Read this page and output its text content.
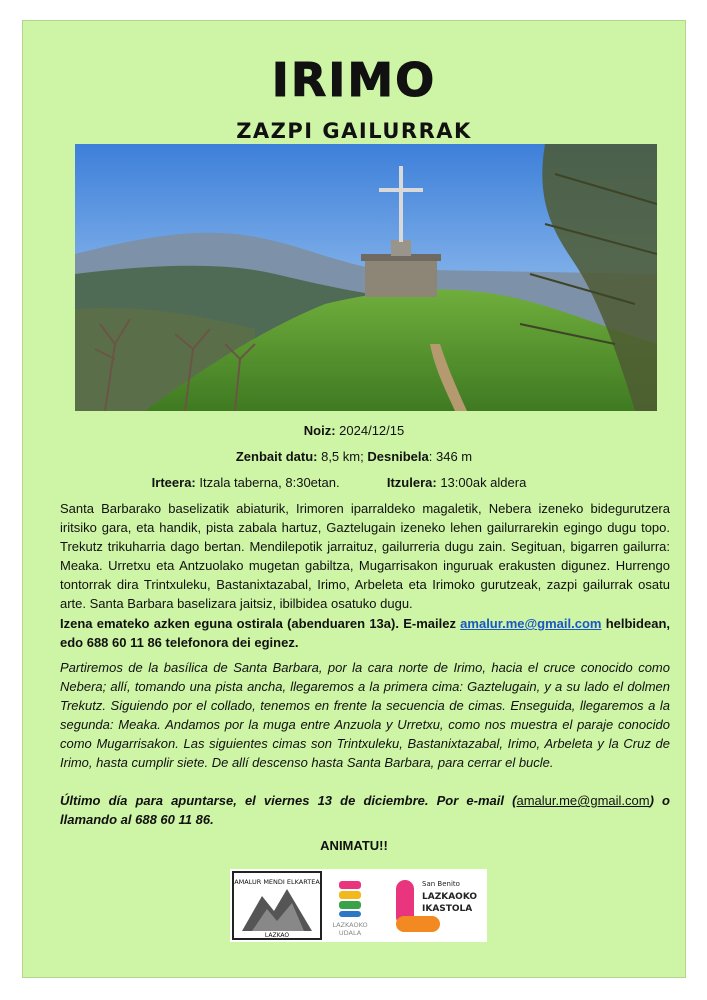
IRIMO
ZAZPI GAILURRAK
Noiz: 2024/12/15
Zenbait datu: 8,5 km; Desnibela: 346 m
Irteera: Itzala taberna, 8:30etan.	Itzulera: 13:00ak aldera
Santa Barbarako baselizatik abiaturik, Irimoren iparraldeko magaletik, Nebera izeneko bidegurutzera iritsiko gara, eta handik, pista zabala hartuz, Gaztelugain izeneko lehen gailurrarekin egingo dugu topo. Trekutz trikuharria dago bertan. Mendilepotik jarraituz, gailurreria dugu zain. Segituan, bigarren gailurra: Meaka. Urretxu eta Antzuolako mugetan gabiltza, Mugarrisakon inguruak erakusten digunez. Hurrengo tontorrak dira Trintxuleku, Bastanixtazabal, Irimo, Arbeleta eta Irimoko gurutzeak, zazpi gailurrak osatu arte. Santa Barbara baselizara jaitsiz, ibilbidea osatuko dugu.
Izena emateko azken eguna ostirala (abenduaren 13a). E-mailez amalur.me@gmail.com helbidean, edo 688 60 11 86 telefonora dei eginez.
Partiremos de la basílica de Santa Barbara, por la cara norte de Irimo, hacia el cruce conocido como Nebera; allí, tomando una pista ancha, llegaremos a la primera cima: Gaztelugain, y a su lado el dolmen Trekutz. Siguiendo por el collado, tenemos en frente la secuencia de cimas. Enseguida, llegaremos a la segunda: Meaka. Andamos por la muga entre Anzuola y Urretxu, como nos muestra el paraje conocido como Mugarrisakon. Las siguientes cimas son Trintxuleku, Bastanixtazabal, Irimo, Arbeleta y la Cruz de Irimo, hasta cumplir siete. De allí descenso hasta Santa Barbara, para cerrar el bucle.
Último día para apuntarse, el viernes 13 de diciembre. Por e-mail (amalur.me@gmail.com) o llamando al 688 60 11 86.
ANIMATU!!
AMALUR MENDI ELKARTEA
LAZKAO
LAZKAOKO
UDALA
San Benito
LAZKAOKO
IKASTOLA
